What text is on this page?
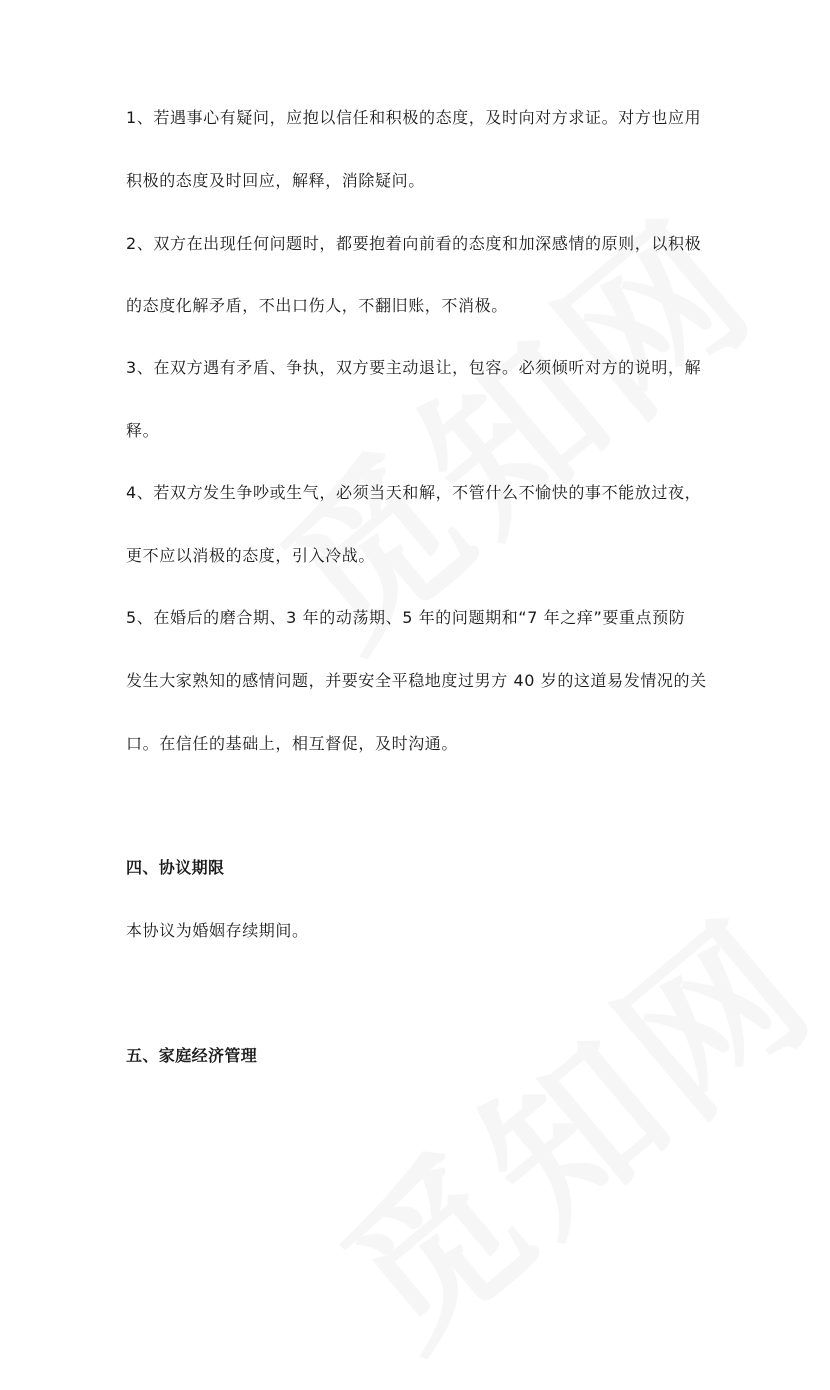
1、若遇事心有疑问，应抱以信任和积极的态度，及时向对方求证。对方也应用
积极的态度及时回应，解释，消除疑问。
2、双方在出现任何问题时，都要抱着向前看的态度和加深感情的原则，以积极
的态度化解矛盾，不出口伤人，不翻旧账，不消极。
3、在双方遇有矛盾、争执，双方要主动退让，包容。必须倾听对方的说明，解
释。
4、若双方发生争吵或生气，必须当天和解，不管什么不愉快的事不能放过夜，
更不应以消极的态度，引入冷战。
5、在婚后的磨合期、3 年的动荡期、5 年的问题期和“7 年之痒”要重点预防
发生大家熟知的感情问题，并要安全平稳地度过男方 40 岁的这道易发情况的关
口。在信任的基础上，相互督促，及时沟通。
四、协议期限
本协议为婚姻存续期间。
五、家庭经济管理
